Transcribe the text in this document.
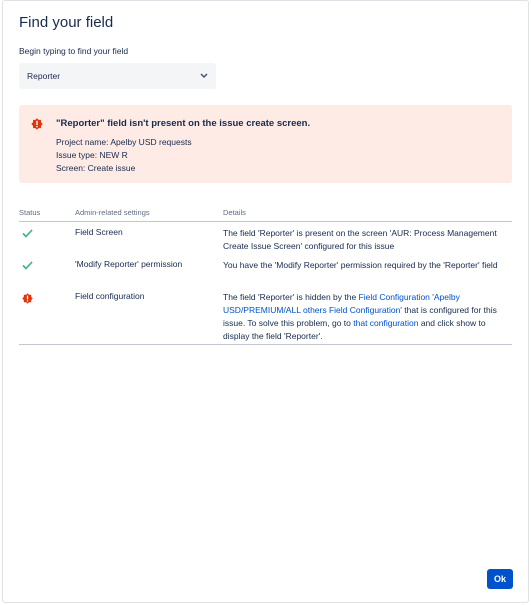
Find your field
Begin typing to find your field
Reporter
"Reporter" field isn't present on the issue create screen.
Project name: Apelby USD requests
Issue type: NEW R
Screen: Create issue
Status	Admin-related settings	Details
Field Screen	The field 'Reporter' is present on the screen 'AUR: Process Management Create Issue Screen' configured for this issue
'Modify Reporter' permission	You have the 'Modify Reporter' permission required by the 'Reporter' field
Field configuration	The field 'Reporter' is hidden by the Field Configuration 'Apelby USD/PREMIUM/ALL others Field Configuration' that is configured for this issue. To solve this problem, go to that configuration and click show to display the field 'Reporter'.
Ok
